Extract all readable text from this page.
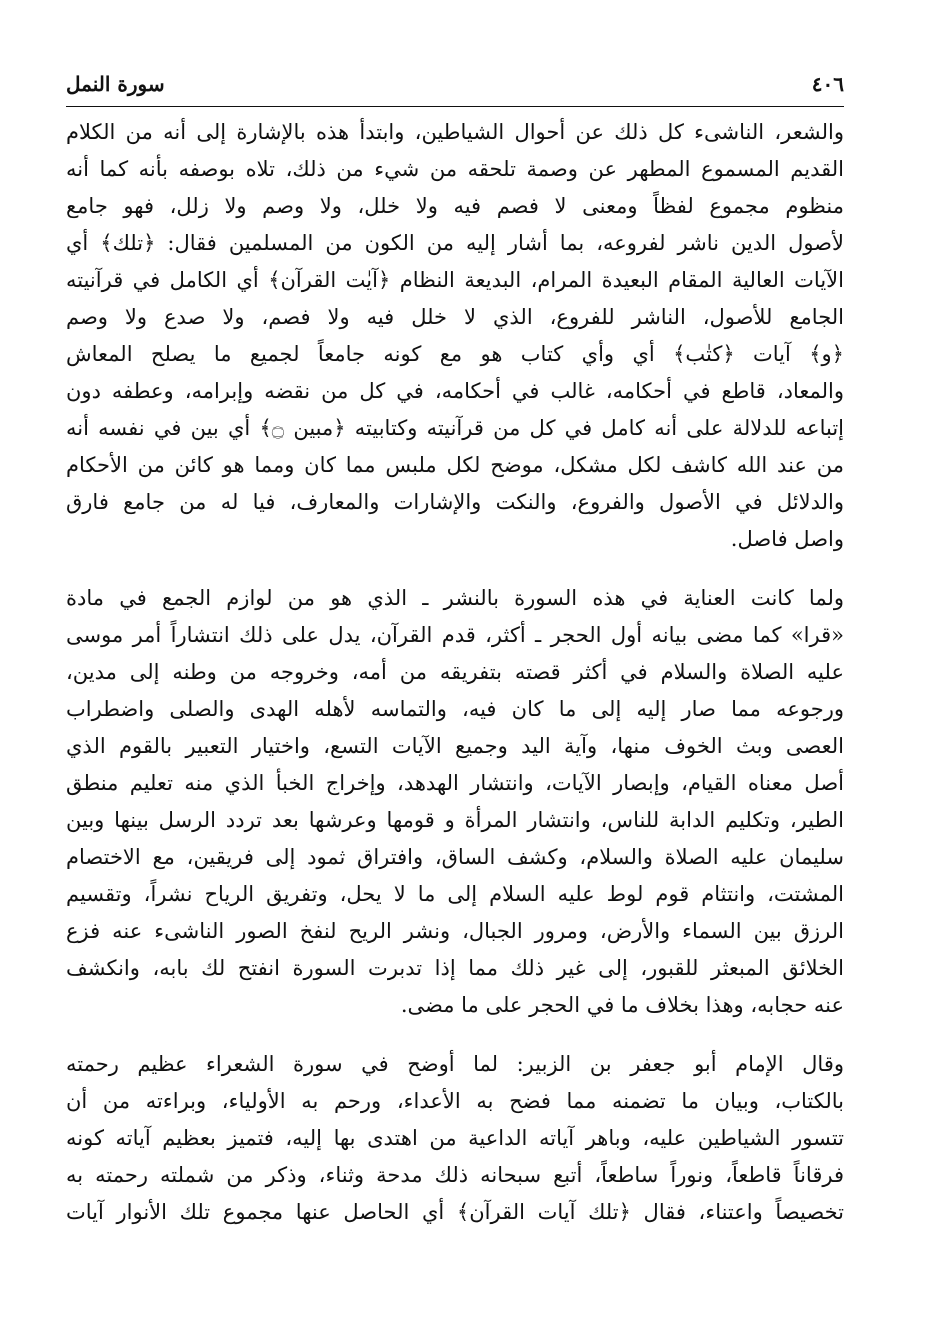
٤٠٦
سورة النمل
والشعر، الناشىء كل ذلك عن أحوال الشياطين، وابتدأ هذه بالإشارة إلى أنه من الكلام
القديم المسموع المطهر عن وصمة تلحقه من شيء من ذلك، تلاه بوصفه بأنه كما أنه
منظوم مجموع لفظاً ومعنى لا فصم فيه ولا خلل، ولا وصم ولا زلل، فهو جامع
لأصول الدين ناشر لفروعه، بما أشار إليه من الكون من المسلمين فقال: ﴿تلك﴾ أي
الآيات العالية المقام البعيدة المرام، البديعة النظام ﴿آيٰت القرآن﴾ أي الكامل في قرآنيته
الجامع للأصول، الناشر للفروع، الذي لا خلل فيه ولا فصم، ولا صدع ولا وصم
﴿و﴾ آيات ﴿كتٰب﴾ أي وأي كتاب هو مع كونه جامعاً لجميع ما يصلح المعاش
والمعاد، قاطع في أحكامه، غالب في أحكامه، في كل من نقضه وإبرامه، وعطفه دون
إتباعه للدلالة على أنه كامل في كل من قرآنيته وكتابيته ﴿مبين ۝﴾ أي بين في نفسه أنه
من عند الله كاشف لكل مشكل، موضح لكل ملبس مما كان ومما هو كائن من الأحكام
والدلائل في الأصول والفروع، والنكت والإشارات والمعارف، فيا له من جامع فارق
واصل فاصل.
ولما كانت العناية في هذه السورة بالنشر ـ الذي هو من لوازم الجمع في مادة
«قرا» كما مضى بيانه أول الحجر ـ أكثر، قدم القرآن، يدل على ذلك انتشاراً أمر موسى
عليه الصلاة والسلام في أكثر قصته بتفريقه من أمه، وخروجه من وطنه إلى مدين،
ورجوعه مما صار إليه إلى ما كان فيه، والتماسه لأهله الهدى والصلى واضطراب
العصى وبث الخوف منها، وآية اليد وجميع الآيات التسع، واختيار التعبير بالقوم الذي
أصل معناه القيام، وإبصار الآيات، وانتشار الهدهد، وإخراج الخبأ الذي منه تعليم منطق
الطير، وتكليم الدابة للناس، وانتشار المرأة و قومها وعرشها بعد تردد الرسل بينها وبين
سليمان عليه الصلاة والسلام، وكشف الساق، وافتراق ثمود إلى فريقين، مع الاختصام
المشتت، وانتثام قوم لوط عليه السلام إلى ما لا يحل، وتفريق الرياح نشراً، وتقسيم
الرزق بين السماء والأرض، ومرور الجبال، ونشر الريح لنفخ الصور الناشىء عنه فزع
الخلائق المبعثر للقبور، إلى غير ذلك مما إذا تدبرت السورة انفتح لك بابه، وانكشف
عنه حجابه، وهذا بخلاف ما في الحجر على ما مضى.
وقال الإمام أبو جعفر بن الزبير: لما أوضح في سورة الشعراء عظيم رحمته
بالكتاب، وبيان ما تضمنه مما فضح به الأعداء، ورحم به الأولياء، وبراءته من أن
تتسور الشياطين عليه، وباهر آياته الداعية من اهتدى بها إليه، فتميز بعظيم آياته كونه
فرقاناً قاطعاً، ونوراً ساطعاً، أتبع سبحانه ذلك مدحة وثناء، وذكر من شملته رحمته به
تخصيصاً واعتناء، فقال ﴿تلك آيات القرآن﴾ أي الحاصل عنها مجموع تلك الأنوار آيات
